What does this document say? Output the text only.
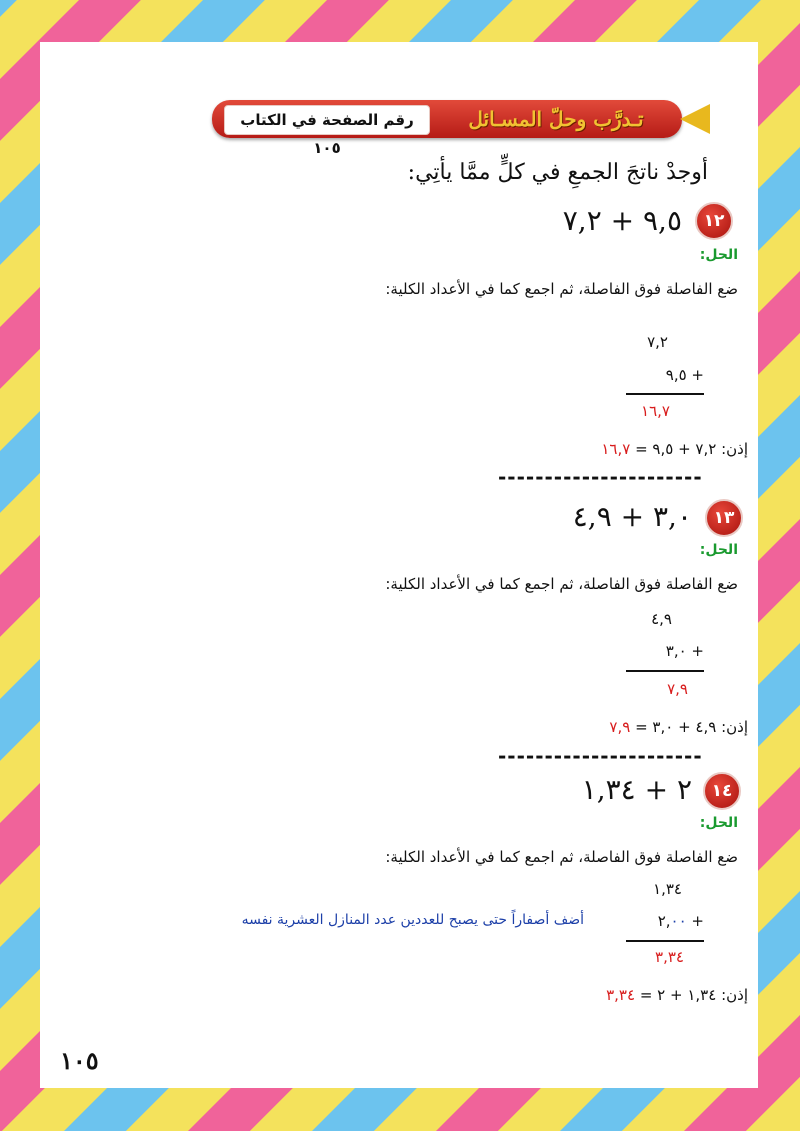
رقم الصفحة في الكتاب ١٠٥
تـدرَّب وحلّ المسـائل
أوجدْ ناتجَ الجمعِ في كلٍّ ممَّا يأتِي:
١٢
٩,٥ + ٧,٢
الحل:
ضع الفاصلة فوق الفاصلة، ثم اجمع كما في الأعداد الكلية:
٧,٢
+ ٩,٥
١٦,٧
إذن: ٧,٢ + ٩,٥ = ١٦,٧
----------------------
١٣
٣,٠ + ٤,٩
الحل:
ضع الفاصلة فوق الفاصلة، ثم اجمع كما في الأعداد الكلية:
٤,٩
+ ٣,٠
٧,٩
إذن: ٤,٩ + ٣,٠ = ٧,٩
----------------------
١٤
٢ + ١,٣٤
الحل:
ضع الفاصلة فوق الفاصلة، ثم اجمع كما في الأعداد الكلية:
١,٣٤
+ ٢,٠٠
أضف أصفاراً حتى يصبح للعددين عدد المنازل العشرية نفسه
٣,٣٤
إذن: ١,٣٤ + ٢ = ٣,٣٤
١٠٥
